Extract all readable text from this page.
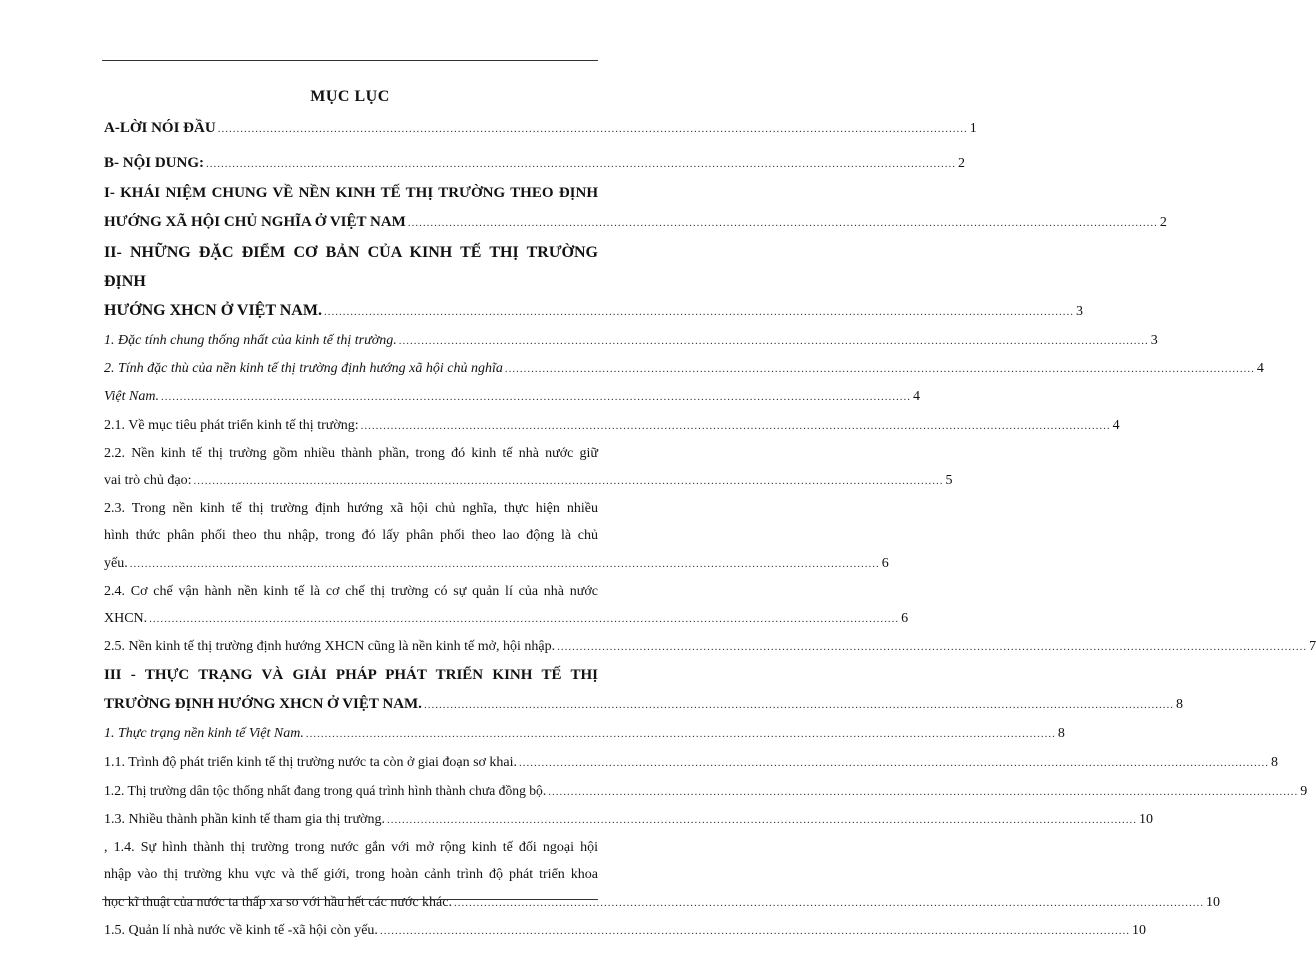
MỤC LỤC
A-LỜI NÓI ĐẦU ........................................................................................................................................................................................................ 1
B- NỘI DUNG: ........................................................................................................................................................................................................ 2
I- KHÁI NIỆM CHUNG VỀ NỀN KINH TẾ THỊ TRƯỜNG THEO ĐỊNH
HƯỚNG XÃ HỘI CHỦ NGHĨA Ở VIỆT NAM ........................................................................................................................................................................................................ 2
II- NHỮNG ĐẶC ĐIỂM CƠ BẢN CỦA KINH TẾ THỊ TRƯỜNG ĐỊNH
HƯỚNG XHCN Ở VIỆT NAM. ........................................................................................................................................................................................................ 3
1. Đặc tính chung thống nhất của kinh tế thị trường. ........................................................................................................................................................................................................ 3
2. Tính đặc thù của nền kinh tế thị trường định hướng xã hội chủ nghĩa ........................................................................................................................................................................................................ 4
Việt Nam. ........................................................................................................................................................................................................ 4
2.1. Về mục tiêu phát triển kinh tế thị trường: ........................................................................................................................................................................................................ 4
2.2. Nền kinh tế thị trường gồm nhiều thành phần, trong đó kinh tế nhà nước giữ
vai trò chủ đạo: ........................................................................................................................................................................................................ 5
2.3. Trong nền kinh tế thị trường định hướng xã hội chủ nghĩa, thực hiện nhiều
hình thức phân phối theo thu nhập, trong đó lấy phân phối theo lao động là chủ
yếu. ........................................................................................................................................................................................................ 6
2.4. Cơ chế vận hành nền kinh tế là cơ chế thị trường có sự quản lí của nhà nước
XHCN. ........................................................................................................................................................................................................ 6
2.5. Nền kinh tế thị trường định hướng XHCN cũng là nền kinh tế mở, hội nhập. ........................................................................................................................................................................................................ 7
III - THỰC TRẠNG VÀ GIẢI PHÁP PHÁT TRIỂN KINH TẾ THỊ
TRƯỜNG ĐỊNH HƯỚNG XHCN Ở VIỆT NAM. ........................................................................................................................................................................................................ 8
1. Thực trạng nền kinh tế Việt Nam. ........................................................................................................................................................................................................ 8
1.1. Trình độ phát triển kinh tế thị trường nước ta còn ở giai đoạn sơ khai. ........................................................................................................................................................................................................ 8
1.2. Thị trường dân tộc thống nhất đang trong quá trình hình thành chưa đồng bộ. ........................................................................................................................................................................................................ 9
1.3. Nhiều thành phần kinh tế tham gia thị trường. ........................................................................................................................................................................................................ 10
, 1.4. Sự hình thành thị trường trong nước gắn với mở rộng kinh tế đối ngoại hội
nhập vào thị trường khu vực và thế giới, trong hoàn cảnh trình độ phát triển khoa
học kĩ thuật của nước ta thấp xa so với hầu hết các nước khác. ........................................................................................................................................................................................................ 10
1.5. Quản lí nhà nước về kinh tế -xã hội còn yếu. ........................................................................................................................................................................................................ 10
